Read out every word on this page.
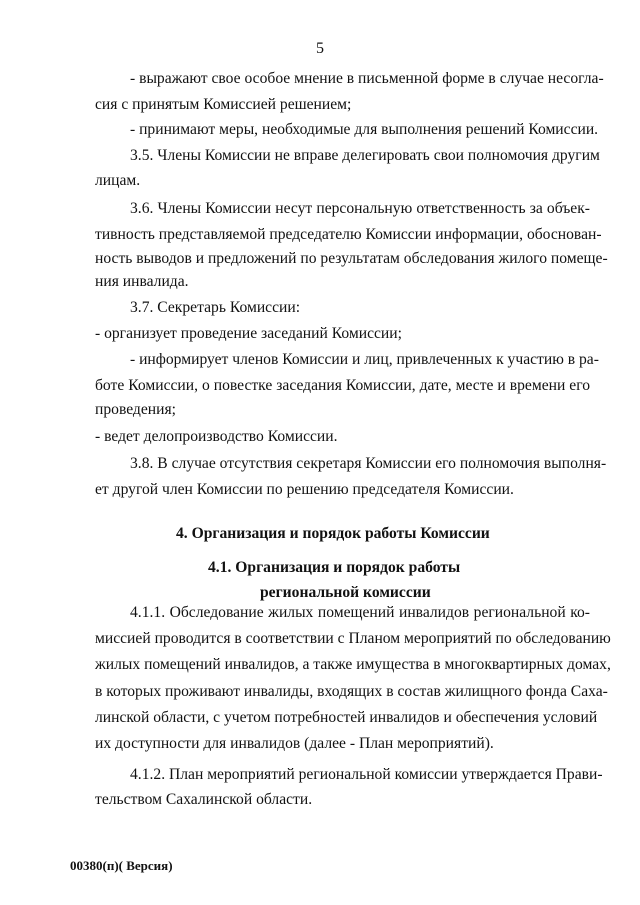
5
- выражают свое особое мнение в письменной форме в случае несогла-
сия с принятым Комиссией решением;
- принимают меры, необходимые для выполнения решений Комиссии.
3.5. Члены Комиссии не вправе делегировать свои полномочия другим
лицам.
3.6. Члены Комиссии несут персональную ответственность за объек-
тивность представляемой председателю Комиссии информации, обоснован-
ность выводов и предложений по результатам обследования жилого помеще-
ния инвалида.
3.7. Секретарь Комиссии:
- организует проведение заседаний Комиссии;
- информирует членов Комиссии и лиц, привлеченных к участию в ра-
боте Комиссии, о повестке заседания Комиссии, дате, месте и времени его
проведения;
- ведет делопроизводство Комиссии.
3.8. В случае отсутствия секретаря Комиссии его полномочия выполня-
ет другой член Комиссии по решению председателя Комиссии.
4. Организация и порядок работы Комиссии
4.1. Организация и порядок работы
региональной комиссии
4.1.1. Обследование жилых помещений инвалидов региональной ко-
миссией проводится в соответствии с Планом мероприятий по обследованию
жилых помещений инвалидов, а также имущества в многоквартирных домах,
в которых проживают инвалиды, входящих в состав жилищного фонда Саха-
линской области, с учетом потребностей инвалидов и обеспечения условий
их доступности для инвалидов (далее - План мероприятий).
4.1.2. План мероприятий региональной комиссии утверждается Прави-
тельством Сахалинской области.
00380(п)( Версия)
